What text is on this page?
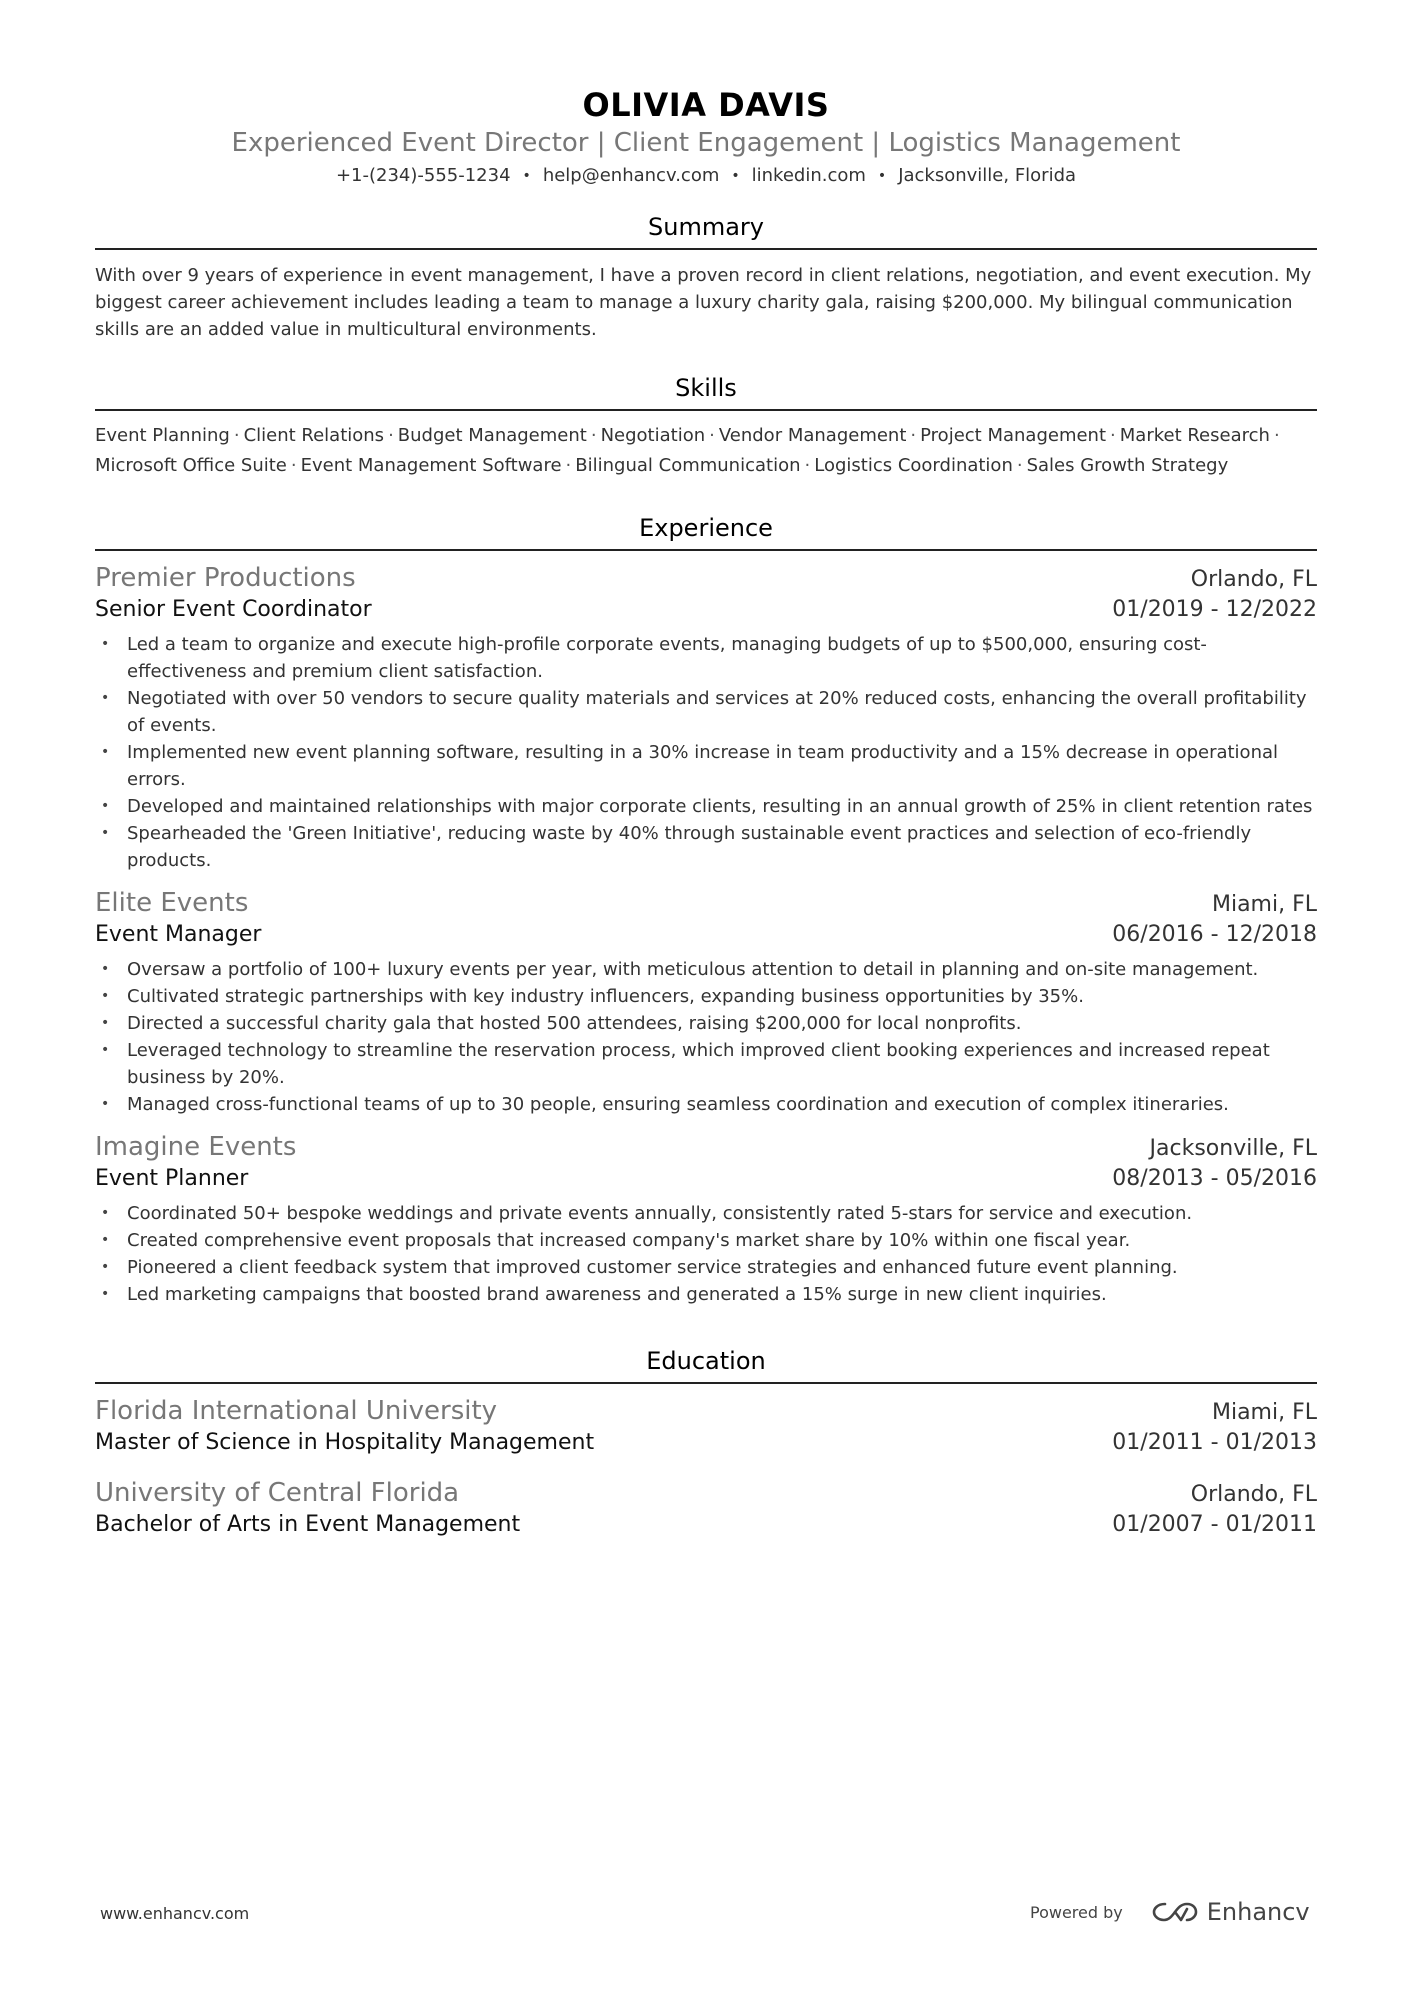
OLIVIA DAVIS
Experienced Event Director | Client Engagement | Logistics Management
+1-(234)-555-1234 • help@enhancv.com • linkedin.com • Jacksonville, Florida
Summary
With over 9 years of experience in event management, I have a proven record in client relations, negotiation, and event execution. My biggest career achievement includes leading a team to manage a luxury charity gala, raising $200,000. My bilingual communication skills are an added value in multicultural environments.
Skills
Event Planning · Client Relations · Budget Management · Negotiation · Vendor Management · Project Management · Market Research ·
Microsoft Office Suite · Event Management Software · Bilingual Communication · Logistics Coordination · Sales Growth Strategy
Experience
Premier Productions	Orlando, FL
Senior Event Coordinator	01/2019 - 12/2022
• Led a team to organize and execute high-profile corporate events, managing budgets of up to $500,000, ensuring cost-effectiveness and premium client satisfaction.
• Negotiated with over 50 vendors to secure quality materials and services at 20% reduced costs, enhancing the overall profitability of events.
• Implemented new event planning software, resulting in a 30% increase in team productivity and a 15% decrease in operational errors.
• Developed and maintained relationships with major corporate clients, resulting in an annual growth of 25% in client retention rates
• Spearheaded the 'Green Initiative', reducing waste by 40% through sustainable event practices and selection of eco-friendly products.
Elite Events	Miami, FL
Event Manager	06/2016 - 12/2018
• Oversaw a portfolio of 100+ luxury events per year, with meticulous attention to detail in planning and on-site management.
• Cultivated strategic partnerships with key industry influencers, expanding business opportunities by 35%.
• Directed a successful charity gala that hosted 500 attendees, raising $200,000 for local nonprofits.
• Leveraged technology to streamline the reservation process, which improved client booking experiences and increased repeat business by 20%.
• Managed cross-functional teams of up to 30 people, ensuring seamless coordination and execution of complex itineraries.
Imagine Events	Jacksonville, FL
Event Planner	08/2013 - 05/2016
• Coordinated 50+ bespoke weddings and private events annually, consistently rated 5-stars for service and execution.
• Created comprehensive event proposals that increased company's market share by 10% within one fiscal year.
• Pioneered a client feedback system that improved customer service strategies and enhanced future event planning.
• Led marketing campaigns that boosted brand awareness and generated a 15% surge in new client inquiries.
Education
Florida International University	Miami, FL
Master of Science in Hospitality Management	01/2011 - 01/2013
University of Central Florida	Orlando, FL
Bachelor of Arts in Event Management	01/2007 - 01/2011
www.enhancv.com	Powered by	Enhancv
